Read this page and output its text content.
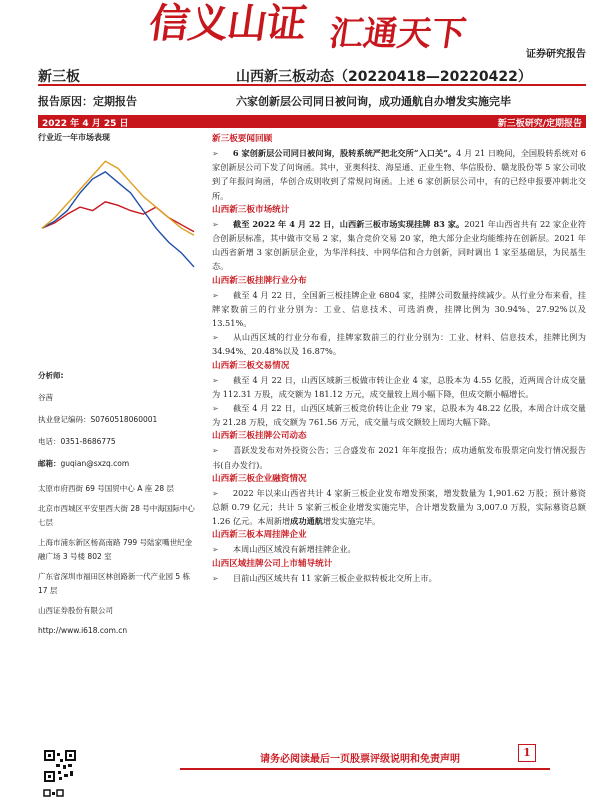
信义山证 汇通天下
证券研究报告
新三板	山西新三板动态（20220418—20220422）
报告原因：定期报告	六家创新层公司同日被问询，成功通航自办增发实施完毕
2022 年 4 月 25 日	新三板研究/定期报告
行业近一年市场表现
分析师:
谷茜
执业登记编码：S0760518060001
电话：0351-8686775
邮箱：guqian@sxzq.com
太原市府西街 69 号国贸中心 A 座 28 层
北京市西城区平安里西大街 28 号中海国际中心七层
上海市浦东新区杨高南路 799 号陆家嘴世纪金融广场 3 号楼 802 室
广东省深圳市福田区林创路新一代产业园 5 栋 17 层
山西证券股份有限公司
http://www.i618.com.cn
新三板要闻回顾
➢ 6 家创新层公司同日被问询，股转系统严把北交所“入口关”。4 月 21 日晚间，全国股转系统对 6 家创新层公司下发了问询函。其中，亚奥科技、海星通、正业生物、华信股份、赣龙股份等 5 家公司收到了年报问询函，华创合成则收到了常规问询函。上述 6 家创新层公司中，有的已经申报要冲刺北交所。
山西新三板市场统计
➢ 截至 2022 年 4 月 22 日，山西新三板市场实现挂牌 83 家。2021 年山西省共有 22 家企业符合创新层标准，其中做市交易 2 家，集合竞价交易 20 家，绝大部分企业均能维持在创新层。2021 年山西省新增 3 家创新层企业，为华洋科技、中网华信和合力创新，同时调出 1 家至基础层，为民基生态。
山西新三板挂牌行业分布
➢ 截至 4 月 22 日，全国新三板挂牌企业 6804 家，挂牌公司数量持续减少。从行业分布来看，挂牌家数前三的行业分别为：工业、信息技术、可选消费，挂牌比例为 30.94%、27.92%以及 13.51%。
➢ 从山西区域的行业分布看，挂牌家数前三的行业分别为：工业、材料、信息技术，挂牌比例为 34.94%、20.48%以及 16.87%。
山西新三板交易情况
➢ 截至 4 月 22 日，山西区域新三板做市转让企业 4 家，总股本为 4.55 亿股，近两周合计成交量为 112.31 万股，成交额为 181.12 万元，成交量较上周小幅下降，但成交额小幅增长。
➢ 截至 4 月 22 日，山西区域新三板竞价转让企业 79 家，总股本为 48.22 亿股，本周合计成交量为 21.28 万股，成交额为 761.56 万元，成交量与成交额较上周均大幅下降。
山西新三板挂牌公司动态
➢ 喜跃发发布对外投资公告；三合盛发布 2021 年年度报告；成功通航发布股票定向发行情况报告书(自办发行)。
山西新三板企业融资情况
➢ 2022 年以来山西省共计 4 家新三板企业发布增发预案，增发数量为 1,901.62 万股；预计募资总额 0.79 亿元；共计 5 家新三板企业增发实施完毕，合计增发数量为 3,007.0 万股，实际募资总额 1.26 亿元。本周新增成功通航增发实施完毕。
山西新三板本周挂牌企业
➢ 本周山西区域没有新增挂牌企业。
山西区域挂牌公司上市辅导统计
➢ 目前山西区域共有 11 家新三板企业拟转板北交所上市。
请务必阅读最后一页股票评级说明和免责声明
1
